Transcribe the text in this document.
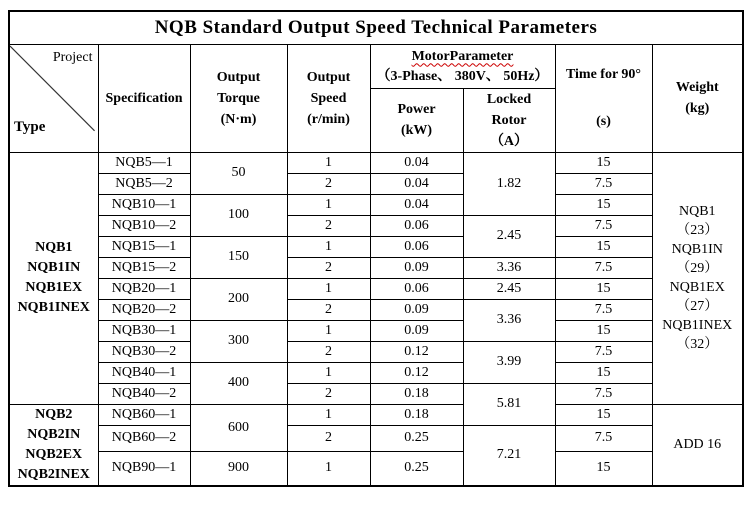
NQB Standard Output Speed Technical Parameters							

Project
Type
	Specification	
Output
Torque
(N·m)

Output
Speed
(r/min)

MotorParameter
（3-Phase、 380V、 50Hz）	Time for 90°
(s)

Weight
(kg)

Power
(kW)

Locked
Rotor
（A）

NQB1
NQB1IN
NQB1EX
NQB1INEX
	NQB5—1	50	1	0.04	1.82	15	
NQB1
（23）
NQB1IN
（29）
NQB1EX
（27）
NQB1INEX
（32）

	NQB5—2		2	0.04		7.5	
	NQB10—1	100	1	0.04		15	
	NQB10—2		2	0.06	2.45	7.5	
	NQB15—1	150	1	0.06		15	
	NQB15—2		2	0.09	3.36	7.5	
	NQB20—1	200	1	0.06	2.45	15	
	NQB20—2		2	0.09	3.36	7.5	
	NQB30—1	300	1	0.09		15	
	NQB30—2		2	0.12	3.99	7.5	
	NQB40—1	400	1	0.12		15	
	NQB40—2		2	0.18	5.81	7.5	

NQB2
NQB2IN
NQB2EX
NQB2INEX	NQB60—1	600	1	0.18		15	ADD 16

	NQB60—2		2	0.25	7.21	7.5	
	NQB90—1	900	1	0.25		15	
